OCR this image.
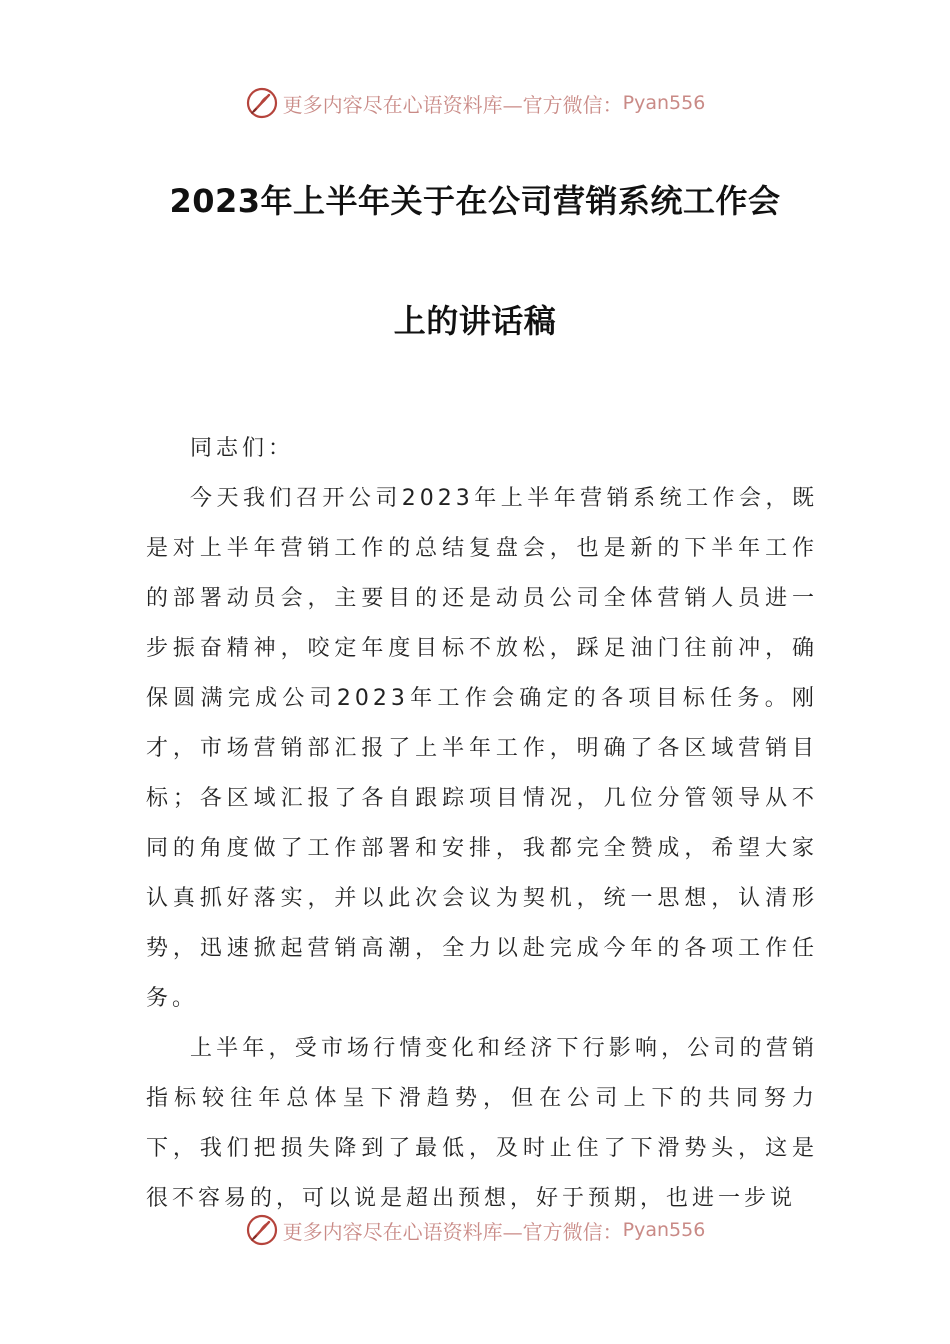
更多内容尽在心语资料库—官方微信： Pyan556
2023年上半年关于在公司营销系统工作会
上的讲话稿

同志们：

今天我们召开公司2023年上半年营销系统工作会，既是对上半年营销工作的总结复盘会，也是新的下半年工作的部署动员会，主要目的还是动员公司全体营销人员进一步振奋精神，咬定年度目标不放松，踩足油门往前冲，确保圆满完成公司2023年工作会确定的各项目标任务。刚才，市场营销部汇报了上半年工作，明确了各区域营销目标；各区域汇报了各自跟踪项目情况，几位分管领导从不同的角度做了工作部署和安排，我都完全赞成，希望大家认真抓好落实，并以此次会议为契机，统一思想，认清形势，迅速掀起营销高潮，全力以赴完成今年的各项工作任务。

上半年，受市场行情变化和经济下行影响，公司的营销指标较往年总体呈下滑趋势，但在公司上下的共同努力下，我们把损失降到了最低，及时止住了下滑势头，这是很不容易的，可以说是超出预想，好于预期，也进一步说

更多内容尽在心语资料库—官方微信： Pyan556
